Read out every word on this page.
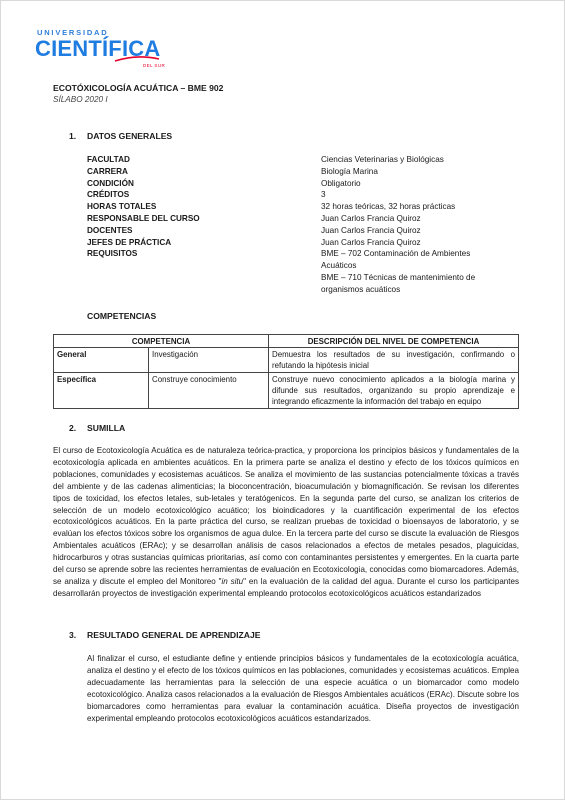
UNIVERSIDAD
CIENTÍFICA
DEL SUR
ECOTÓXICOLOGÍA ACUÁTICA – BME 902
SÍLABO 2020 I
1. DATOS GENERALES
FACULTAD	Ciencias Veterinarias y Biológicas
CARRERA	Biología Marina
CONDICIÓN	Obligatorio
CRÉDITOS	3
HORAS TOTALES	32 horas teóricas, 32 horas prácticas
RESPONSABLE DEL CURSO	Juan Carlos Francia Quiroz
DOCENTES	Juan Carlos Francia Quiroz
JEFES DE PRÁCTICA	Juan Carlos Francia Quiroz
REQUISITOS	BME – 702 Contaminación de Ambientes Acuáticos
BME – 710 Técnicas de mantenimiento de organismos acuáticos
COMPETENCIAS
COMPETENCIA		DESCRIPCIÓN DEL NIVEL DE COMPETENCIA
General	Investigación	Demuestra los resultados de su investigación, confirmando o refutando la hipótesis inicial
Específica	Construye conocimiento	Construye nuevo conocimiento aplicados a la biología marina y difunde sus resultados, organizando su propio aprendizaje e integrando eficazmente la información del trabajo en equipo
2. SUMILLA
El curso de Ecotoxicología Acuática es de naturaleza teórica-practica, y proporciona los principios básicos y fundamentales de la ecotoxicología aplicada en ambientes acuáticos. En la primera parte se analiza el destino y efecto de los tóxicos químicos en poblaciones, comunidades y ecosistemas acuáticos. Se analiza el movimiento de las sustancias potencialmente tóxicas a través del ambiente y de las cadenas alimenticias; la bioconcentración, bioacumulación y biomagnificación. Se revisan los diferentes tipos de toxicidad, los efectos letales, sub-letales y teratógenicos. En la segunda parte del curso, se analizan los criterios de selección de un modelo ecotoxicológico acuático; los bioindicadores y la cuantificación experimental de los efectos ecotoxicológicos acuáticos. En la parte práctica del curso, se realizan pruebas de toxicidad o bioensayos de laboratorio, y se evalúan los efectos tóxicos sobre los organismos de agua dulce. En la tercera parte del curso se discute la evaluación de Riesgos Ambientales acuáticos (ERAc); y se desarrollan análisis de casos relacionados a efectos de metales pesados, plaguicidas, hidrocarburos y otras sustancias químicas prioritarias, así como con contaminantes persistentes y emergentes. En la cuarta parte del curso se aprende sobre las recientes herramientas de evaluación en Ecotoxicologia, conocidas como biomarcadores. Además, se analiza y discute el empleo del Monitoreo "in situ" en la evaluación de la calidad del agua. Durante el curso los participantes desarrollarán proyectos de investigación experimental empleando protocolos ecotoxicológicos acuáticos estandarizados
3. RESULTADO GENERAL DE APRENDIZAJE
Al finalizar el curso, el estudiante define y entiende principios básicos y fundamentales de la ecotoxicología acuática, analiza el destino y el efecto de los tóxicos químicos en las poblaciones, comunidades y ecosistemas acuáticos. Emplea adecuadamente las herramientas para la selección de una especie acuática o un biomarcador como modelo ecotoxicológico. Analiza casos relacionados a la evaluación de Riesgos Ambientales acuáticos (ERAc). Discute sobre los biomarcadores como herramientas para evaluar la contaminación acuática. Diseña proyectos de investigación experimental empleando protocolos ecotoxicológicos acuáticos estandarizados.
